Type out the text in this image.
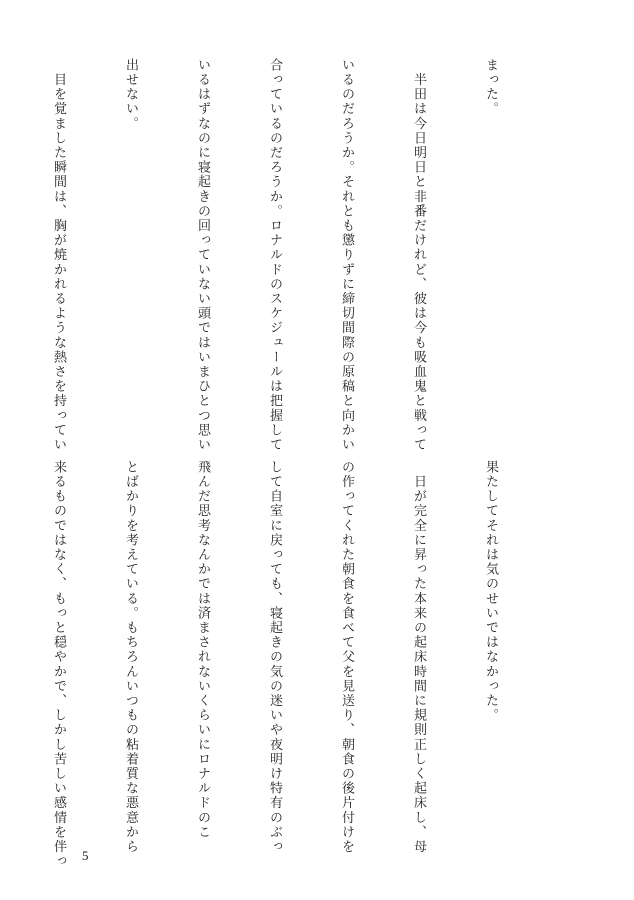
まった。

　半田は今日明日と非番だけれど、彼は今も吸血鬼と戦って

いるのだろうか。それとも懲りずに締切間際の原稿と向かい

合っているのだろうか。ロナルドのスケジュールは把握して

いるはずなのに寝起きの回っていない頭ではいまひとつ思い

出せない。

　目を覚ました瞬間は、胸が焼かれるような熱さを持ってい

果たしてそれは気のせいではなかった。

　日が完全に昇った本来の起床時間に規則正しく起床し、母

の作ってくれた朝食を食べて父を見送り、朝食の後片付けを

して自室に戻っても、寝起きの気の迷いや夜明け特有のぶっ

飛んだ思考なんかでは済まされないくらいにロナルドのこ

とばかりを考えている。もちろんいつもの粘着質な悪意から

来るものではなく、もっと穏やかで、しかし苦しい感情を伴っ

	5
